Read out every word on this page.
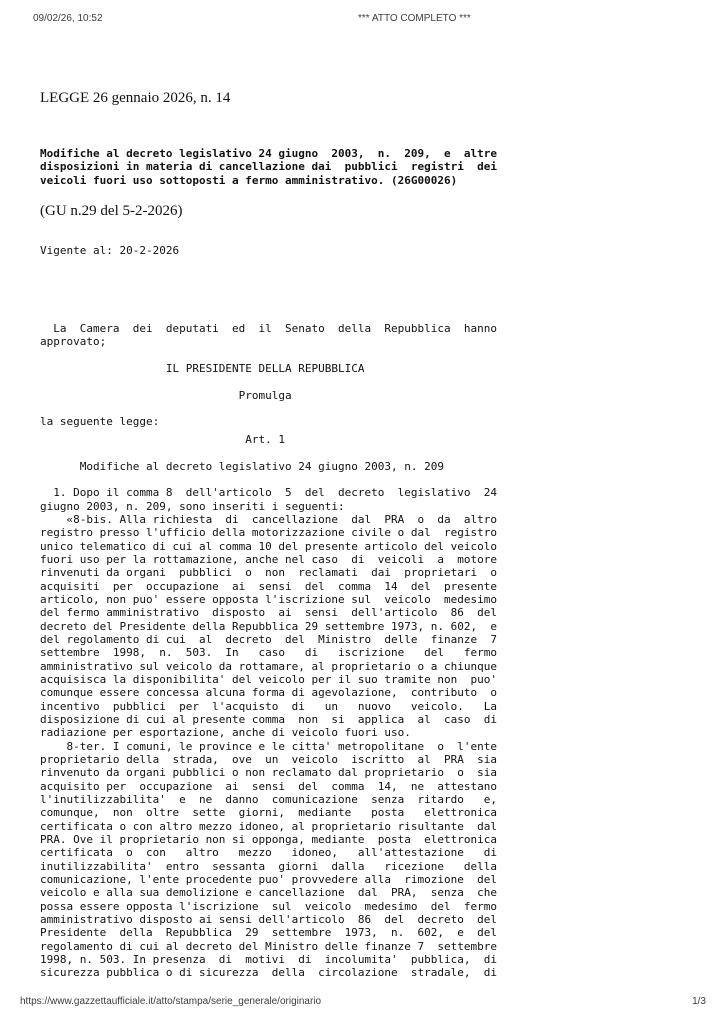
09/02/26, 10:52	*** ATTO COMPLETO ***
LEGGE 26 gennaio 2026, n. 14
Modifiche al decreto legislativo 24 giugno  2003,  n.  209,  e  altre
disposizioni in materia di cancellazione dai  pubblici  registri  dei
veicoli fuori uso sottoposti a fermo amministrativo. (26G00026)
(GU n.29 del 5-2-2026)
Vigente al: 20-2-2026
La  Camera  dei  deputati  ed  il  Senato  della  Repubblica  hanno
approvato;

IL PRESIDENTE DELLA REPUBBLICA

Promulga

la seguente legge:
Art. 1

Modifiche al decreto legislativo 24 giugno 2003, n. 209

1. Dopo il comma 8  dell'articolo  5  del  decreto  legislativo  24
giugno 2003, n. 209, sono inseriti i seguenti:
«8-bis. Alla richiesta  di  cancellazione  dal  PRA  o  da  altro
registro presso l'ufficio della motorizzazione civile o dal  registro
unico telematico di cui al comma 10 del presente articolo del veicolo
fuori uso per la rottamazione, anche nel caso  di  veicoli  a  motore
rinvenuti da organi  pubblici  o  non  reclamati  dai  proprietari  o
acquisiti  per  occupazione  ai  sensi  del  comma  14  del  presente
articolo, non puo' essere opposta l'iscrizione sul  veicolo  medesimo
del fermo amministrativo  disposto  ai  sensi  dell'articolo  86  del
decreto del Presidente della Repubblica 29 settembre 1973, n. 602,  e
del regolamento di cui  al  decreto  del  Ministro  delle  finanze  7
settembre  1998,  n.  503.  In   caso   di   iscrizione   del   fermo
amministrativo sul veicolo da rottamare, al proprietario o a chiunque
acquisisca la disponibilita' del veicolo per il suo tramite non  puo'
comunque essere concessa alcuna forma di agevolazione,  contributo  o
incentivo  pubblici  per  l'acquisto  di   un   nuovo   veicolo.   La
disposizione di cui al presente comma  non  si  applica  al  caso  di
radiazione per esportazione, anche di veicolo fuori uso.
8-ter. I comuni, le province e le citta' metropolitane  o  l'ente
proprietario della  strada,  ove  un  veicolo  iscritto  al  PRA  sia
rinvenuto da organi pubblici o non reclamato dal proprietario  o  sia
acquisito per  occupazione  ai  sensi  del  comma  14,  ne  attestano
l'inutilizzabilita'  e  ne  danno  comunicazione  senza  ritardo   e,
comunque,  non  oltre  sette  giorni,  mediante   posta   elettronica
certificata o con altro mezzo idoneo, al proprietario risultante  dal
PRA. Ove il proprietario non si opponga, mediante  posta  elettronica
certificata  o  con   altro   mezzo   idoneo,   all'attestazione   di
inutilizzabilita'  entro  sessanta  giorni  dalla   ricezione   della
comunicazione, l'ente procedente puo' provvedere alla  rimozione  del
veicolo e alla sua demolizione e cancellazione  dal  PRA,  senza  che
possa essere opposta l'iscrizione  sul  veicolo  medesimo  del  fermo
amministrativo disposto ai sensi dell'articolo  86  del  decreto  del
Presidente  della  Repubblica  29  settembre  1973,  n.  602,  e  del
regolamento di cui al decreto del Ministro delle finanze 7  settembre
1998, n. 503. In presenza  di  motivi  di  incolumita'  pubblica,  di
sicurezza pubblica o di sicurezza  della  circolazione  stradale,  di
https://www.gazzettaufficiale.it/atto/stampa/serie_generale/originario	1/3
